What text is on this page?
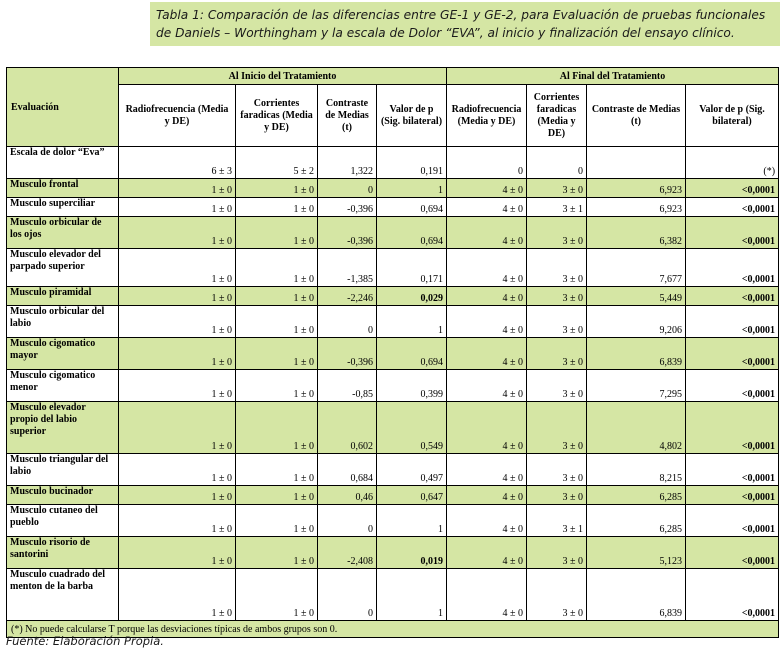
Tabla 1: Comparación de las diferencias entre GE-1 y GE-2, para Evaluación de pruebas funcionales de Daniels – Worthingham y la escala de Dolor “EVA”, al inicio y finalización del ensayo clínico.
Evaluación	Al Inicio del Tratamiento				Al Final del Tratamiento			
	Radiofrecuencia (Media y DE)	Corrientes faradicas (Media y DE)	Contraste de Medias (t)	Valor de p (Sig. bilateral)	Radiofrecuencia (Media y DE)	Corrientes faradicas (Media y DE)	Contraste de Medias (t)	Valor de p (Sig. bilateral)
Escala de dolor “Eva”	6 ± 3	5 ± 2	1,322	0,191	0	0		(*)
Musculo frontal	1 ± 0	1 ± 0	0	1	4 ± 0	3 ± 0	6,923	<0,0001
Musculo superciliar	1 ± 0	1 ± 0	-0,396	0,694	4 ± 0	3 ± 1	6,923	<0,0001
Musculo orbicular de los ojos	1 ± 0	1 ± 0	-0,396	0,694	4 ± 0	3 ± 0	6,382	<0,0001
Musculo elevador del parpado superior	1 ± 0	1 ± 0	-1,385	0,171	4 ± 0	3 ± 0	7,677	<0,0001
Musculo piramidal	1 ± 0	1 ± 0	-2,246	0,029	4 ± 0	3 ± 0	5,449	<0,0001
Musculo orbicular del labio	1 ± 0	1 ± 0	0	1	4 ± 0	3 ± 0	9,206	<0,0001
Musculo cigomatico mayor	1 ± 0	1 ± 0	-0,396	0,694	4 ± 0	3 ± 0	6,839	<0,0001
Musculo cigomatico menor	1 ± 0	1 ± 0	-0,85	0,399	4 ± 0	3 ± 0	7,295	<0,0001
Musculo elevador propio del labio superior	1 ± 0	1 ± 0	0,602	0,549	4 ± 0	3 ± 0	4,802	<0,0001
Musculo triangular del labio	1 ± 0	1 ± 0	0,684	0,497	4 ± 0	3 ± 0	8,215	<0,0001
Musculo bucinador	1 ± 0	1 ± 0	0,46	0,647	4 ± 0	3 ± 0	6,285	<0,0001
Musculo cutaneo del pueblo	1 ± 0	1 ± 0	0	1	4 ± 0	3 ± 1	6,285	<0,0001
Musculo risorio de santorini	1 ± 0	1 ± 0	-2,408	0,019	4 ± 0	3 ± 0	5,123	<0,0001
Musculo cuadrado del menton de la barba	1 ± 0	1 ± 0	0	1	4 ± 0	3 ± 0	6,839	<0,0001
(*) No puede calcularse T porque las desviaciones típicas de ambos grupos son 0.								
Fuente: Elaboración Propia.
